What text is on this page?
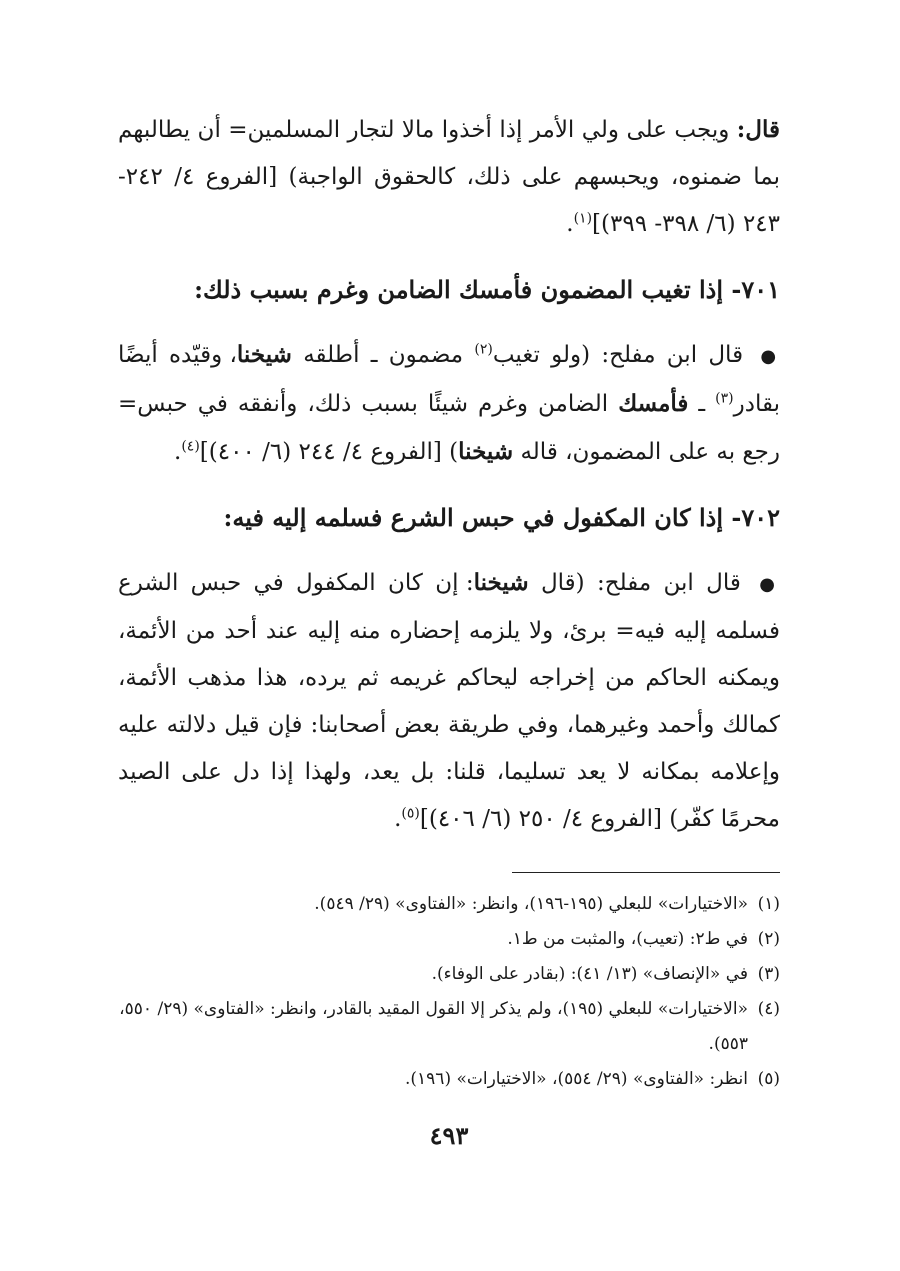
قال: ويجب على ولي الأمر إذا أخذوا مالا لتجار المسلمين= أن يطالبهم بما ضمنوه، ويحبسهم على ذلك، كالحقوق الواجبة) [الفروع ٤/ ٢٤٢- ٢٤٣ (٦/ ٣٩٨- ٣٩٩)]$^{(١)}$.

٧٠١- إذا تغيب المضمون فأمسك الضامن وغرم بسبب ذلك:

● قال ابن مفلح: (ولو تغيب$^{(٢)}$ مضمون ـ أطلقه شيخنا، وقيّده أيضًا بقادر$^{(٣)}$ ـ فأمسك الضامن وغرم شيئًا بسبب ذلك، وأنفقه في حبس= رجع به على المضمون، قاله شيخنا) [الفروع ٤/ ٢٤٤ (٦/ ٤٠٠)]$^{(٤)}$.

٧٠٢- إذا كان المكفول في حبس الشرع فسلمه إليه فيه:

● قال ابن مفلح: (قال شيخنا: إن كان المكفول في حبس الشرع فسلمه إليه فيه= برئ، ولا يلزمه إحضاره منه إليه عند أحد من الأئمة، ويمكنه الحاكم من إخراجه ليحاكم غريمه ثم يرده، هذا مذهب الأئمة، كمالك وأحمد وغيرهما، وفي طريقة بعض أصحابنا: فإن قيل دلالته عليه وإعلامه بمكانه لا يعد تسليما، قلنا: بل يعد، ولهذا إذا دل على الصيد محرمًا كفّر) [الفروع ٤/ ٢٥٠ (٦/ ٤٠٦)]$^{(٥)}$.

(١)
«الاختيارات» للبعلي (١٩٥-١٩٦)، وانظر: «الفتاوى» (٢٩/ ٥٤٩).
(٢)
في ط٢: (تعيب)، والمثبت من ط١.
(٣)
في «الإنصاف» (١٣/ ٤١): (بقادر على الوفاء).
(٤)
«الاختيارات» للبعلي (١٩٥)، ولم يذكر إلا القول المقيد بالقادر، وانظر: «الفتاوى» (٢٩/ ٥٥٠، ٥٥٣).
(٥)
انظر: «الفتاوى» (٢٩/ ٥٥٤)، «الاختيارات» (١٩٦).
٤٩٣
